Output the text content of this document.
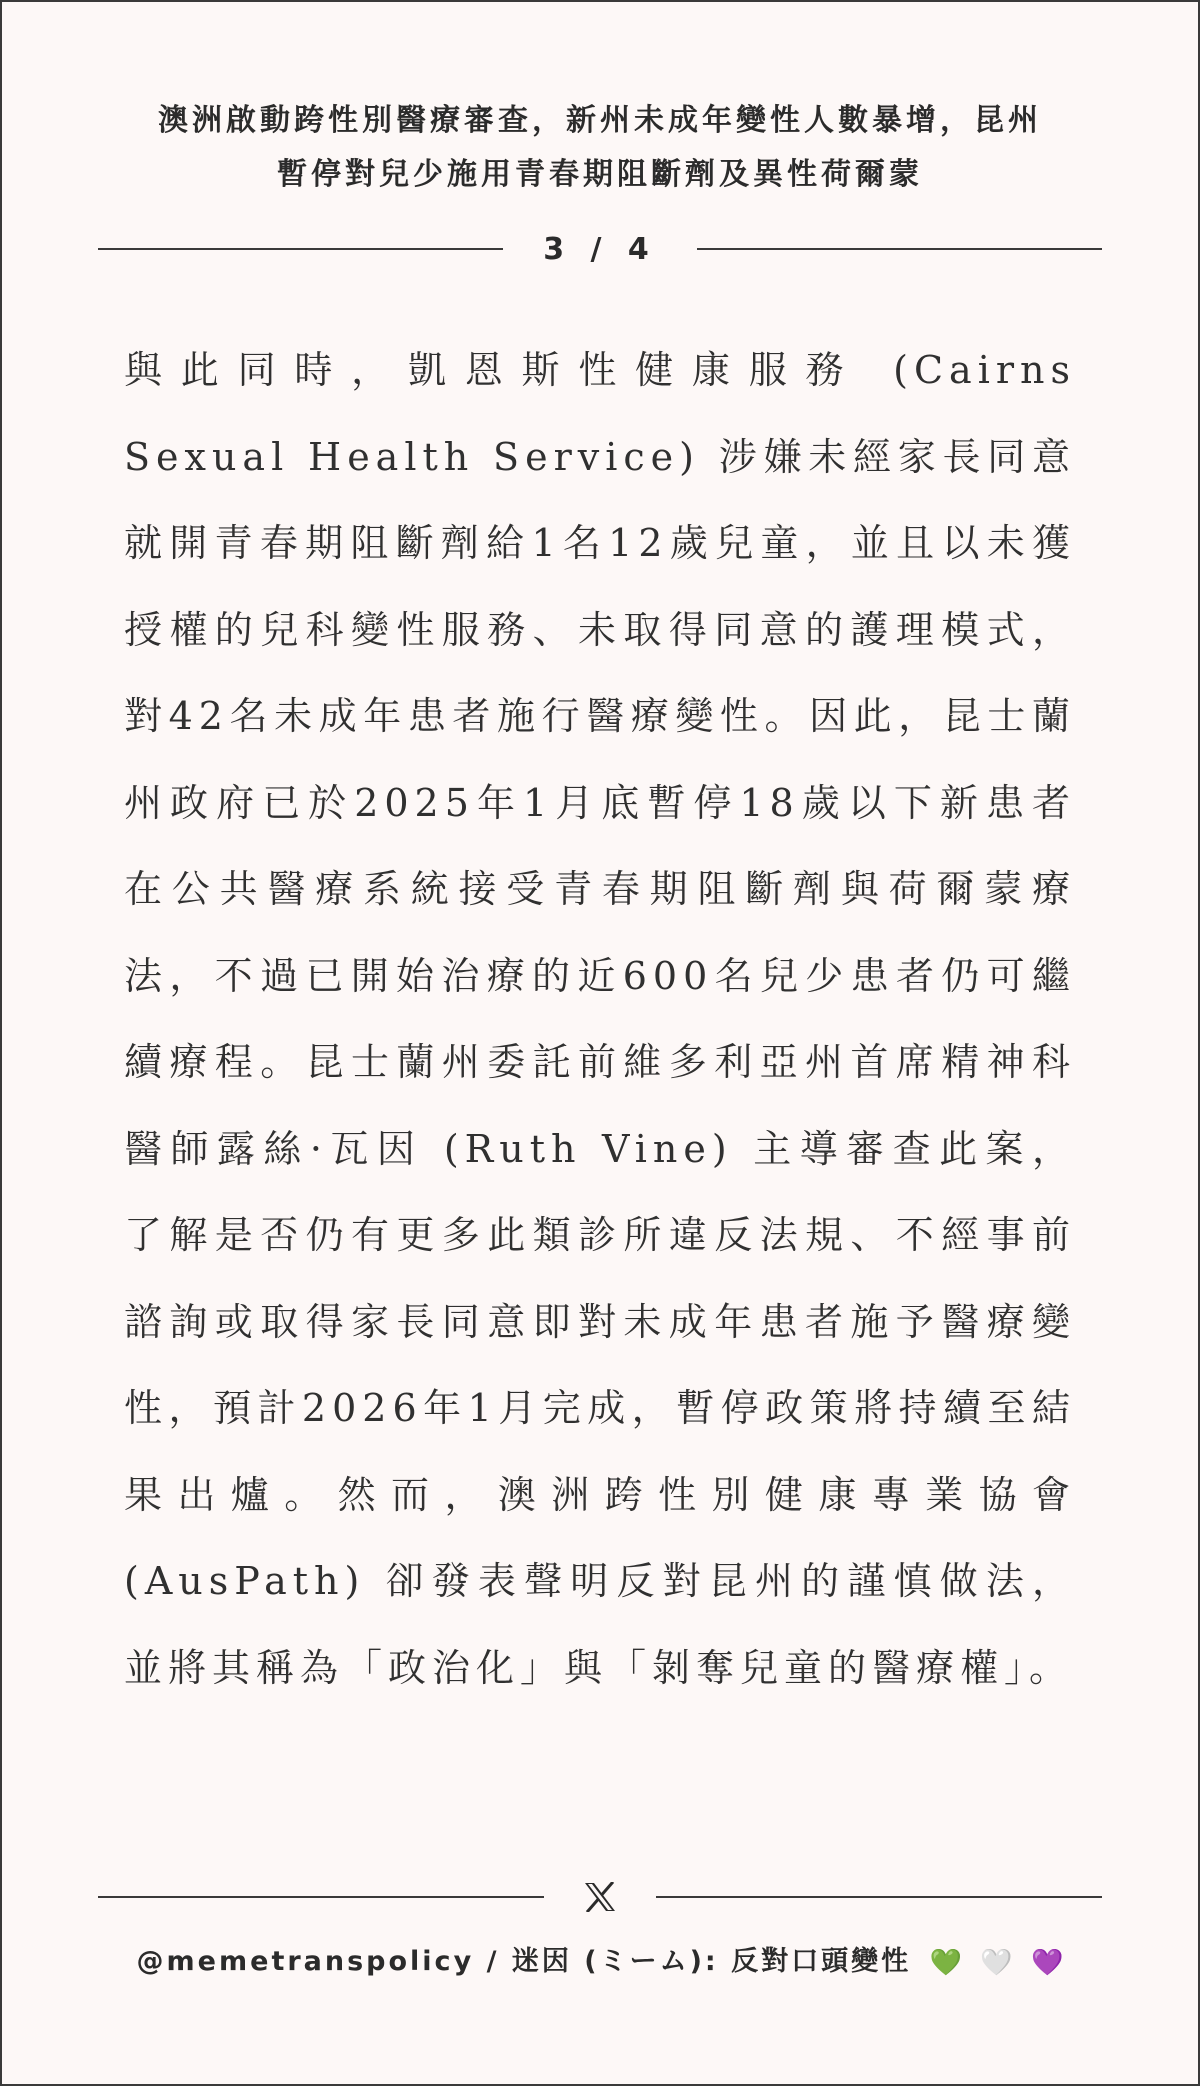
澳洲啟動跨性別醫療審查，新州未成年變性人數暴增，昆州
暫停對兒少施用青春期阻斷劑及異性荷爾蒙
3 / 4

與此同時，凱恩斯性健康服務 (Cairns Sexual Health Service) 涉嫌未經家長同意就開青春期阻斷劑給1名12歲兒童，並且以未獲授權的兒科變性服務、未取得同意的護理模式，對42名未成年患者施行醫療變性。因此，昆士蘭州政府已於2025年1月底暫停18歲以下新患者在公共醫療系統接受青春期阻斷劑與荷爾蒙療法，不過已開始治療的近600名兒少患者仍可繼續療程。昆士蘭州委託前維多利亞州首席精神科醫師露絲·瓦因 (Ruth Vine) 主導審查此案，了解是否仍有更多此類診所違反法規、不經事前諮詢或取得家長同意即對未成年患者施予醫療變性，預計2026年1月完成，暫停政策將持續至結果出爐。然而，澳洲跨性別健康專業協會 (AusPath) 卻發表聲明反對昆州的謹慎做法，並將其稱為「政治化」與「剝奪兒童的醫療權」。

@memetranspolicy / 迷因 (ミーム): 反對口頭變性 💚 🤍 💜
